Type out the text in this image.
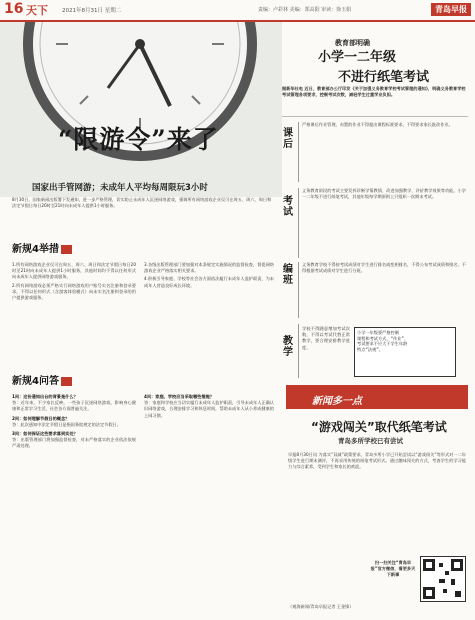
16 天下	2021年8月31日 星期二	责编：卢彩林 美编：郑高阳 审读：徐玉娟	青岛早报
“限游令”来了
国家出手管网游；未成年人平均每周限玩3小时
8月30日，国家新闻出版署下发通知，进一步严格管理，切实防止未成年人沉迷网络游戏，强调所有网络游戏企业仅可在周五、周六、周日和法定节假日每日20时至21时向未成年人提供1小时服务。
新规4举措

1.所有网络游戏企业仅可在周五、周六、周日和法定节假日每日20时至21时向未成年人提供1小时服务，其他时间均不得以任何形式向未成年人提供网络游戏服务。

2.所有网络游戏必须严格实行网络游戏用户账号实名注册和登录要求，不得以任何形式（含游客体验模式）向未实名注册和登录的用户提供游戏服务。

3.各级出版管理部门要加强对本条规定实施情况的监督检查，督促网络游戏企业严格落实相关要求。

4.积极引导家庭、学校等社会各方面依法履行未成年人监护职责，为未成年人营造良好成长环境。

新规4问答

1问：这份通知出台的背景是什么？

答：近年来，不少家长反映，一些孩子沉迷网络游戏，影响身心健康和正常学习生活，社会各方面普遍关注。

2问：如何理解节假日的概念？

答：此次通知中法定节假日是指国务院规定的法定节假日。

3问：如何保证这些要求落到实处？

答：出版管理部门将加强监督检查，对未严格落实的企业依法依规严肃处理。

4问：家庭、学校应当采取哪些措施？

答：家庭和学校应当切实履行未成年人监护职责，引导未成年人正确认识网络游戏，合理安排学习和休息时间，帮助未成年人从小养成健康的上网习惯。

教育部明确
小学一二年级
不进行纸笔考试
据新华社电 近日，教育部办公厅印发《关于加强义务教育学校考试管理的通知》，明确义务教育学校考试管理各项要求，控制考试次数，减轻学生过重学业负担。
课后
严格课后作业管理，布置的作业不得超出课程标准要求，不得要求家长批改作业。
考试
义务教育阶段的考试主要发挥诊断学情教情、改进加强教学、评价教学效果等功能。小学一二年级不进行纸笔考试，其他年级每学期原则上只组织一次期末考试。
编班
义务教育学校不得按考试成绩对学生进行排名或变相排名，不得公布考试成绩和排名，不得根据考试成绩对学生进行分班。
教学
学校不得随意增加考试次数，不得以考试代替正常教学，要合理安排教学进度。
小学一年级要严格控制
课程和考试方式，“作业”、
考试要求不应大于学生年龄
特点“法规”。
新闻多一点
“游戏闯关”取代纸笔考试
青岛多所学校已有尝试
早报8月30日讯 为落实“双减”政策要求，青岛多所小学已开始尝试以“游戏闯关”等形式对一二年级学生进行期末测评，不再采用传统的纸笔考试形式。通过趣味闯关的方式，考查学生的学习能力与综合素养，受到学生和家长的欢迎。
（观海新闻/青岛早报记者 王金锋）
扫一扫关注“青岛早报”官方微信，看更多天下新事
